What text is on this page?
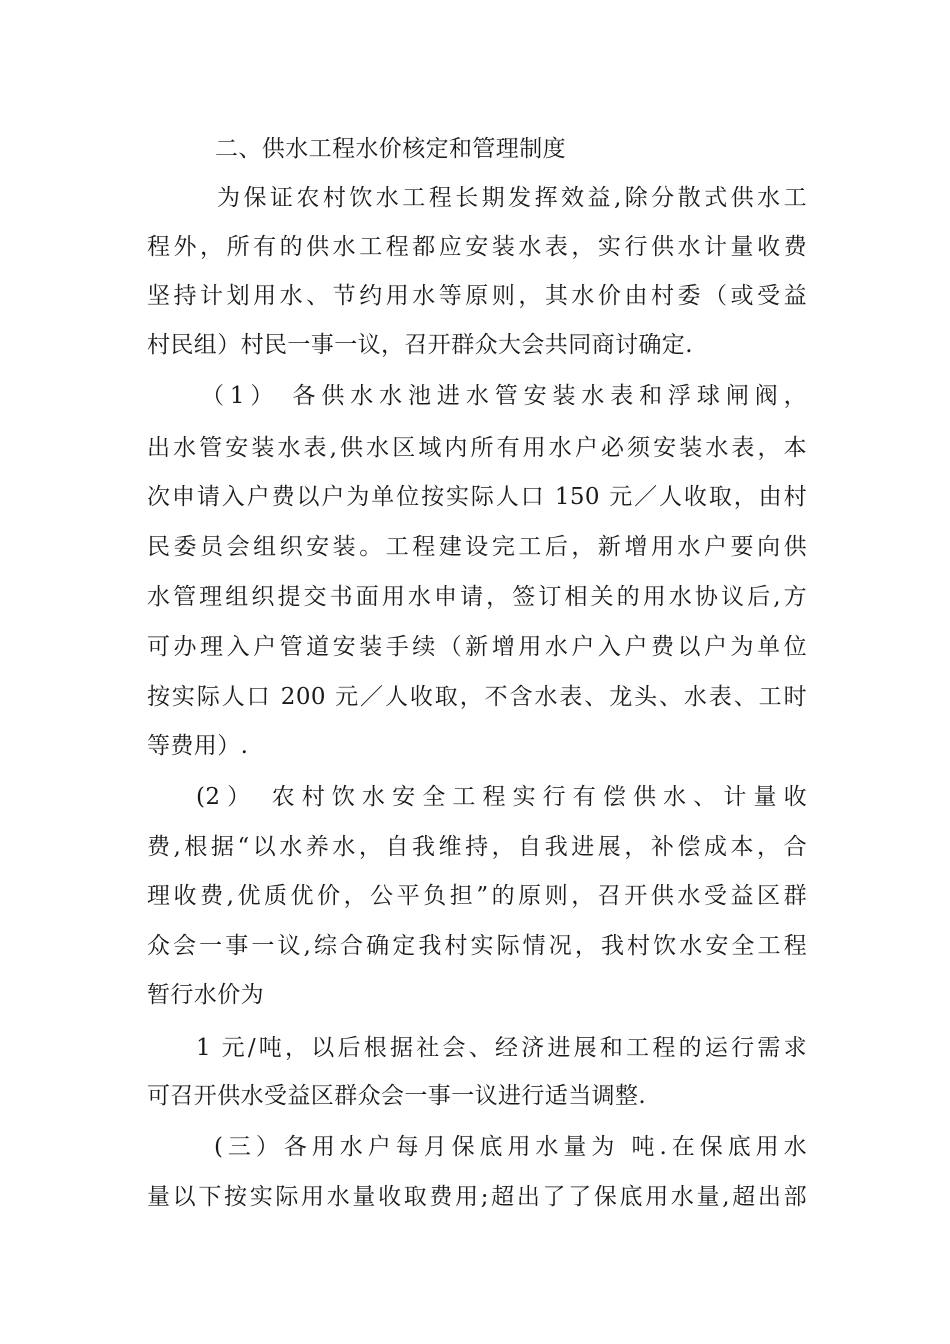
二、供水工程水价核定和管理制度
为保证农村饮水工程长期发挥效益,除分散式供水工
程外，所有的供水工程都应安装水表，实行供水计量收费
坚持计划用水、节约用水等原则，其水价由村委（或受益
村民组）村民一事一议，召开群众大会共同商讨确定.
（1） 各供水水池进水管安装水表和浮球闸阀，
出水管安装水表,供水区域内所有用水户必须安装水表，本
次申请入户费以户为单位按实际人口 150 元／人收取，由村
民委员会组织安装。工程建设完工后，新增用水户要向供
水管理组织提交书面用水申请，签订相关的用水协议后,方
可办理入户管道安装手续（新增用水户入户费以户为单位
按实际人口 200 元／人收取，不含水表、龙头、水表、工时
等费用）.
(2） 农村饮水安全工程实行有偿供水、计量收
费,根据“以水养水，自我维持，自我进展，补偿成本，合
理收费,优质优价，公平负担”的原则，召开供水受益区群
众会一事一议,综合确定我村实际情况，我村饮水安全工程
暂行水价为
1 元/吨，以后根据社会、经济进展和工程的运行需求
可召开供水受益区群众会一事一议进行适当调整.
(三）各用水户每月保底用水量为 吨.在保底用水
量以下按实际用水量收取费用;超出了了保底用水量,超出部
